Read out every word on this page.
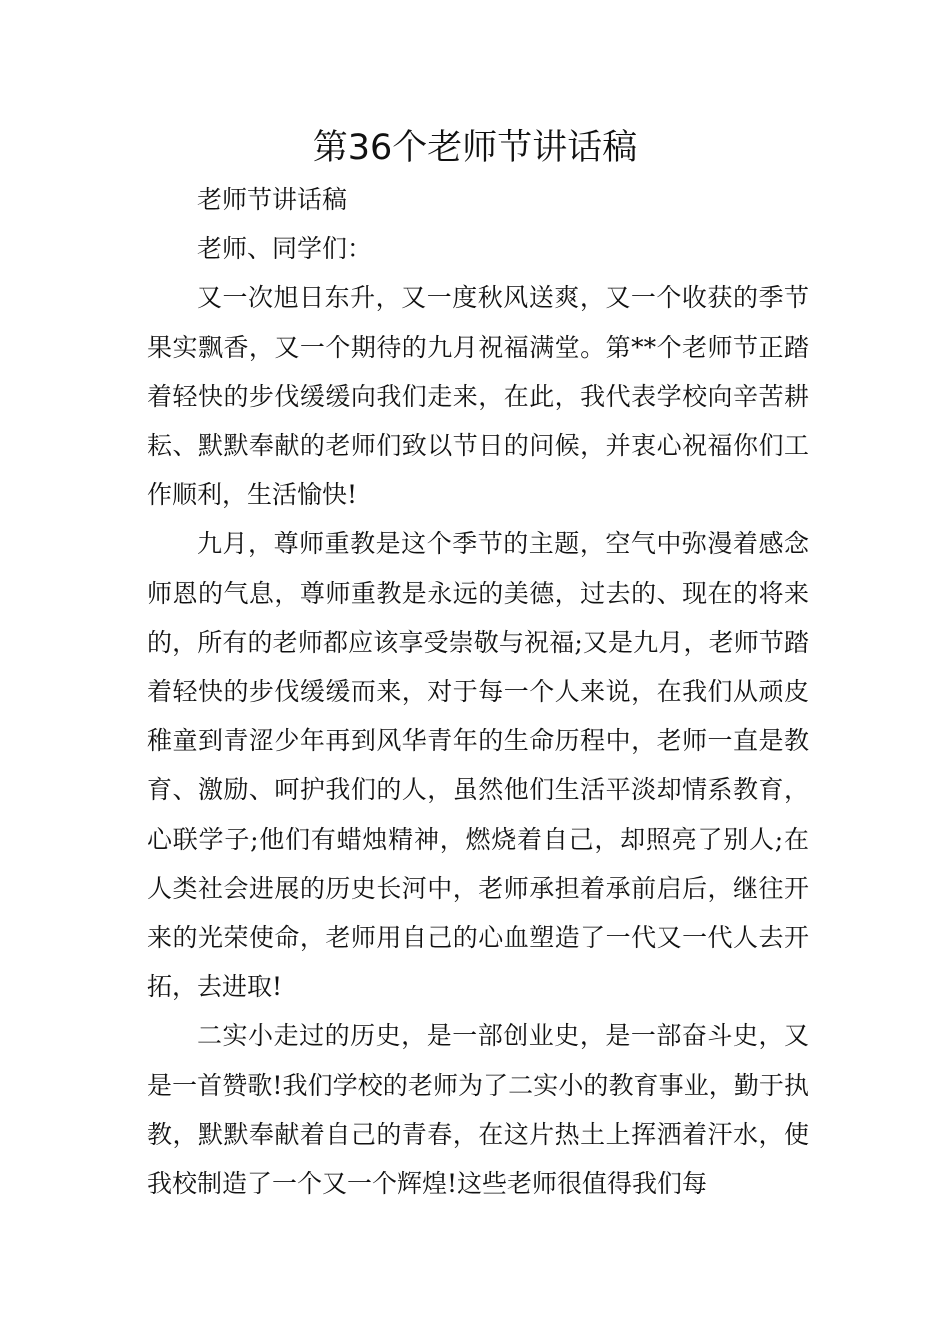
第36个老师节讲话稿

老师节讲话稿

老师、同学们：

又一次旭日东升，又一度秋风送爽，又一个收获的季节果实飘香，又一个期待的九月祝福满堂。第**个老师节正踏着轻快的步伐缓缓向我们走来，在此，我代表学校向辛苦耕耘、默默奉献的老师们致以节日的问候，并衷心祝福你们工作顺利，生活愉快!

九月，尊师重教是这个季节的主题，空气中弥漫着感念师恩的气息，尊师重教是永远的美德，过去的、现在的将来的，所有的老师都应该享受崇敬与祝福;又是九月，老师节踏着轻快的步伐缓缓而来，对于每一个人来说，在我们从顽皮稚童到青涩少年再到风华青年的生命历程中，老师一直是教育、激励、呵护我们的人，虽然他们生活平淡却情系教育，心联学子;他们有蜡烛精神，燃烧着自己，却照亮了别人;在人类社会进展的历史长河中，老师承担着承前启后，继往开来的光荣使命，老师用自己的心血塑造了一代又一代人去开拓，去进取!

二实小走过的历史，是一部创业史，是一部奋斗史，又是一首赞歌!我们学校的老师为了二实小的教育事业，勤于执教，默默奉献着自己的青春，在这片热土上挥洒着汗水，使我校制造了一个又一个辉煌!这些老师很值得我们每
